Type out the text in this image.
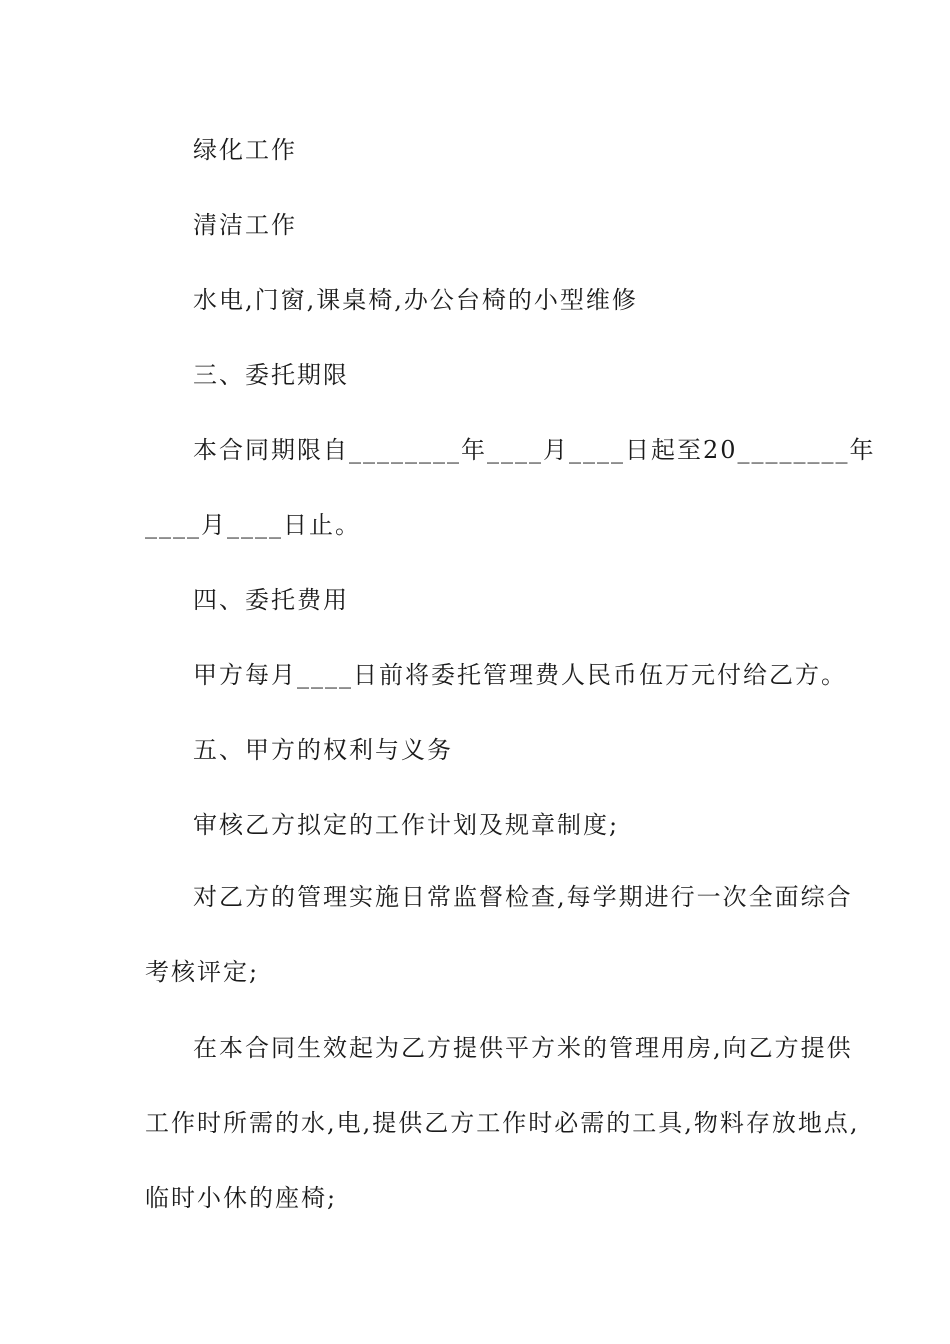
绿化工作
清洁工作
水电,门窗,课桌椅,办公台椅的小型维修
三、委托期限
本合同期限自________年____月____日起至20________年
____月____日止。
四、委托费用
甲方每月____日前将委托管理费人民币伍万元付给乙方。
五、甲方的权利与义务
审核乙方拟定的工作计划及规章制度;
对乙方的管理实施日常监督检查,每学期进行一次全面综合
考核评定;
在本合同生效起为乙方提供平方米的管理用房,向乙方提供
工作时所需的水,电,提供乙方工作时必需的工具,物料存放地点,
临时小休的座椅;
